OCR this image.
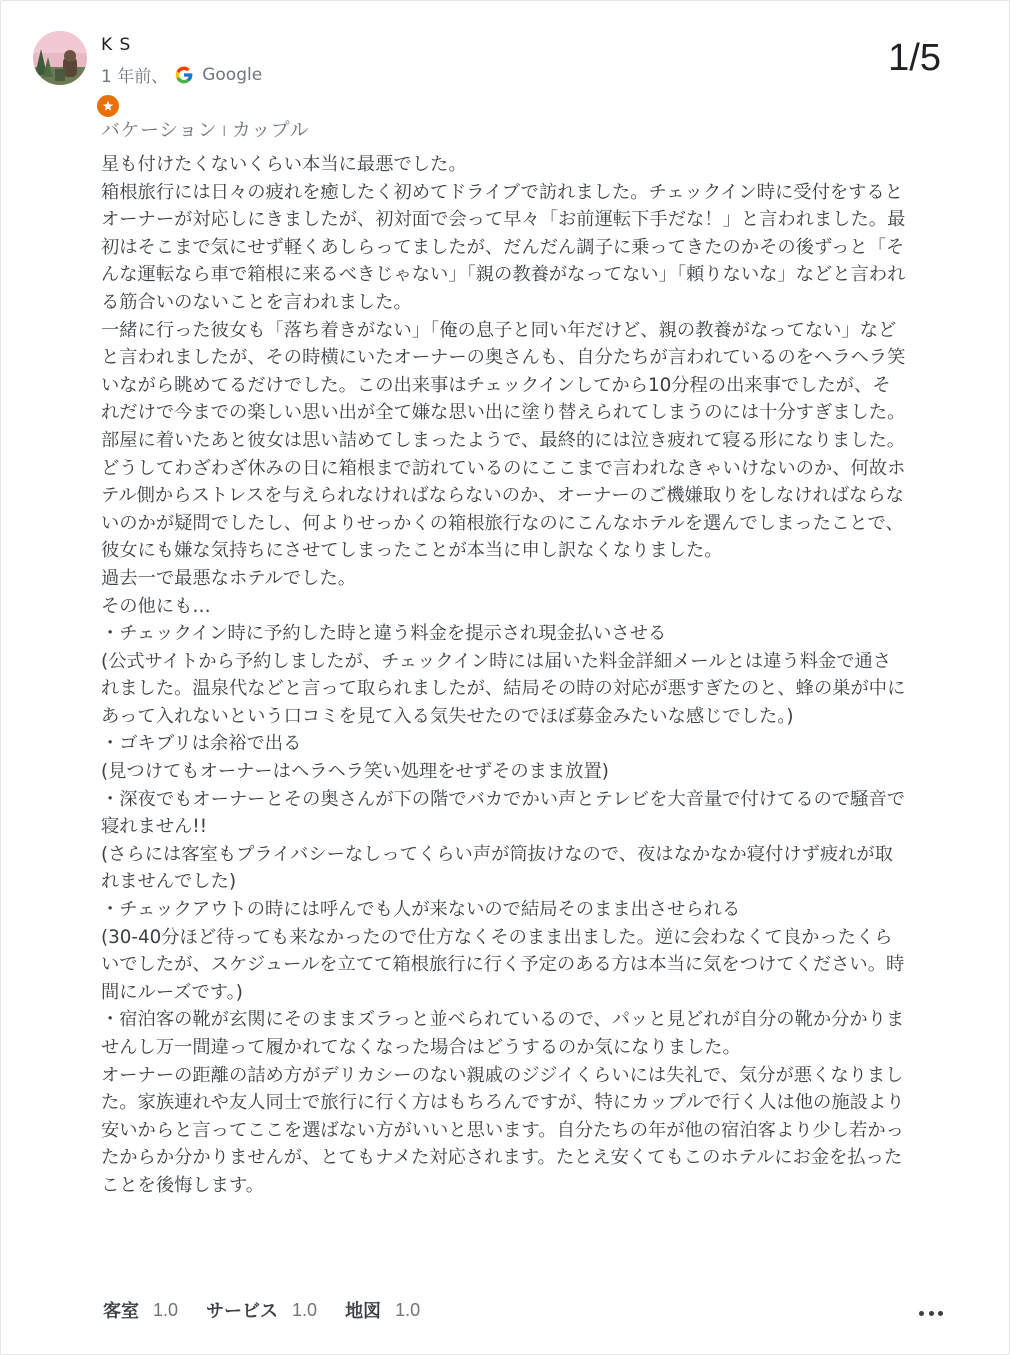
K S
1 年前、 Google	1/5
バケーション I カップル
星も付けたくないくらい本当に最悪でした。
箱根旅行には日々の疲れを癒したく初めてドライブで訪れました。チェックイン時に受付をするとオーナーが対応しにきましたが、初対面で会って早々「お前運転下手だな！」と言われました。最初はそこまで気にせず軽くあしらってましたが、だんだん調子に乗ってきたのかその後ずっと「そんな運転なら車で箱根に来るべきじゃない」「親の教養がなってない」「頼りないな」などと言われる筋合いのないことを言われました。
一緒に行った彼女も「落ち着きがない」「俺の息子と同い年だけど、親の教養がなってない」などと言われましたが、その時横にいたオーナーの奥さんも、自分たちが言われているのをヘラヘラ笑いながら眺めてるだけでした。この出来事はチェックインしてから10分程の出来事でしたが、それだけで今までの楽しい思い出が全て嫌な思い出に塗り替えられてしまうのには十分すぎました。部屋に着いたあと彼女は思い詰めてしまったようで、最終的には泣き疲れて寝る形になりました。
どうしてわざわざ休みの日に箱根まで訪れているのにここまで言われなきゃいけないのか、何故ホテル側からストレスを与えられなければならないのか、オーナーのご機嫌取りをしなければならないのかが疑問でしたし、何よりせっかくの箱根旅行なのにこんなホテルを選んでしまったことで、彼女にも嫌な気持ちにさせてしまったことが本当に申し訳なくなりました。
過去一で最悪なホテルでした。
その他にも…
・チェックイン時に予約した時と違う料金を提示され現金払いさせる
(公式サイトから予約しましたが、チェックイン時には届いた料金詳細メールとは違う料金で通されました。温泉代などと言って取られましたが、結局その時の対応が悪すぎたのと、蜂の巣が中にあって入れないという口コミを見て入る気失せたのでほぼ募金みたいな感じでした。)
・ゴキブリは余裕で出る
(見つけてもオーナーはヘラヘラ笑い処理をせずそのまま放置)
・深夜でもオーナーとその奥さんが下の階でバカでかい声とテレビを大音量で付けてるので騒音で寝れません!!
(さらには客室もプライバシーなしってくらい声が筒抜けなので、夜はなかなか寝付けず疲れが取れませんでした)
・チェックアウトの時には呼んでも人が来ないので結局そのまま出させられる
(30-40分ほど待っても来なかったので仕方なくそのまま出ました。逆に会わなくて良かったくらいでしたが、スケジュールを立てて箱根旅行に行く予定のある方は本当に気をつけてください。時間にルーズです。)
・宿泊客の靴が玄関にそのままズラっと並べられているので、パッと見どれが自分の靴か分かりませんし万一間違って履かれてなくなった場合はどうするのか気になりました。
オーナーの距離の詰め方がデリカシーのない親戚のジジイくらいには失礼で、気分が悪くなりました。家族連れや友人同士で旅行に行く方はもちろんですが、特にカップルで行く人は他の施設より安いからと言ってここを選ばない方がいいと思います。自分たちの年が他の宿泊客より少し若かったからか分かりませんが、とてもナメた対応されます。たとえ安くてもこのホテルにお金を払ったことを後悔します。
客室 1.0 サービス 1.0 地図 1.0
